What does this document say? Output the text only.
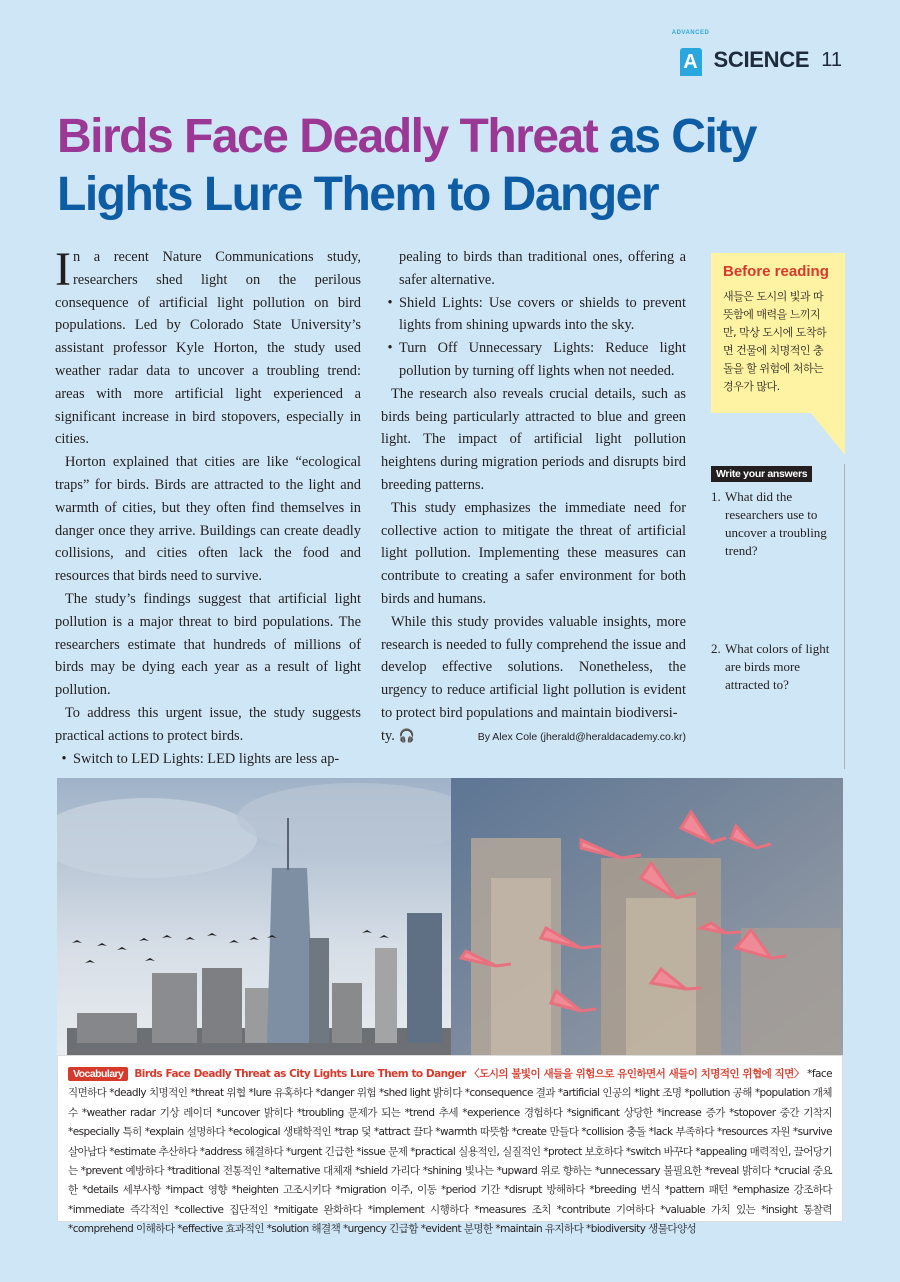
ADVANCED
A SCIENCE 11
Birds Face Deadly Threat as City
Lights Lure Them to Danger

In a recent Nature Communications study, researchers shed light on the perilous consequence of artificial light pollution on bird populations. Led by Colorado State University’s assistant professor Kyle Horton, the study used weather radar data to uncover a troubling trend: areas with more artificial light experienced a significant increase in bird stopovers, especially in cities.

Horton explained that cities are like “ecological traps” for birds. Birds are attracted to the light and warmth of cities, but they often find themselves in danger once they arrive. Buildings can create deadly collisions, and cities often lack the food and resources that birds need to survive.

The study’s findings suggest that artificial light pollution is a major threat to bird populations. The researchers estimate that hundreds of millions of birds may be dying each year as a result of light pollution.

To address this urgent issue, the study suggests practical actions to protect birds.

• Switch to LED Lights: LED lights are less ap-
pealing to birds than traditional ones, offering a safer alternative.
• Shield Lights: Use covers or shields to prevent lights from shining upwards into the sky.
• Turn Off Unnecessary Lights: Reduce light pollution by turning off lights when not needed.

The research also reveals crucial details, such as birds being particularly attracted to blue and green light. The impact of artificial light pollution heightens during migration periods and disrupts bird breeding patterns.

This study emphasizes the immediate need for collective action to mitigate the threat of artificial light pollution. Implementing these measures can contribute to creating a safer environment for both birds and humans.

While this study provides valuable insights, more research is needed to fully comprehend the issue and develop effective solutions. Nonetheless, the urgency to reduce artificial light pollution is evident to protect bird populations and maintain biodiversi-

ty. 🎧	By Alex Cole (jherald@heraldacademy.co.kr)
Before reading

새들은 도시의 빛과 따뜻함에 매력을 느끼지만, 막상 도시에 도착하면 건물에 치명적인 충돌을 할 위험에 처하는 경우가 많다.

Write your answers
1. What did the researchers use to uncover a troubling trend?
2. What colors of light are birds more attracted to?
Vocabulary Birds Face Deadly Threat as City Lights Lure Them to Danger 〈도시의 불빛이 새들을 위험으로 유인하면서 새들이 치명적인 위협에 직면〉 *face 직면하다 *deadly 치명적인 *threat 위협 *lure 유혹하다 *danger 위험 *shed light 밝히다 *consequence 결과 *artificial 인공의 *light 조명 *pollution 공해 *population 개체수 *weather radar 기상 레이더 *uncover 밝히다 *troubling 문제가 되는 *trend 추세 *experience 경험하다 *significant 상당한 *increase 증가 *stopover 중간 기착지 *especially 특히 *explain 설명하다 *ecological 생태학적인 *trap 덫 *attract 끌다 *warmth 따뜻함 *create 만들다 *collision 충돌 *lack 부족하다 *resources 자원 *survive 살아남다 *estimate 추산하다 *address 해결하다 *urgent 긴급한 *issue 문제 *practical 실용적인, 실질적인 *protect 보호하다 *switch 바꾸다 *appealing 매력적인, 끌어당기는 *prevent 예방하다 *traditional 전통적인 *alternative 대체재 *shield 가리다 *shining 빛나는 *upward 위로 향하는 *unnecessary 불필요한 *reveal 밝히다 *crucial 중요한 *details 세부사항 *impact 영향 *heighten 고조시키다 *migration 이주, 이동 *period 기간 *disrupt 방해하다 *breeding 번식 *pattern 패턴 *emphasize 강조하다 *immediate 즉각적인 *collective 집단적인 *mitigate 완화하다 *implement 시행하다 *measures 조치 *contribute 기여하다 *valuable 가치 있는 *insight 통찰력 *comprehend 이해하다 *effective 효과적인 *solution 해결책 *urgency 긴급함 *evident 분명한 *maintain 유지하다 *biodiversity 생물다양성
